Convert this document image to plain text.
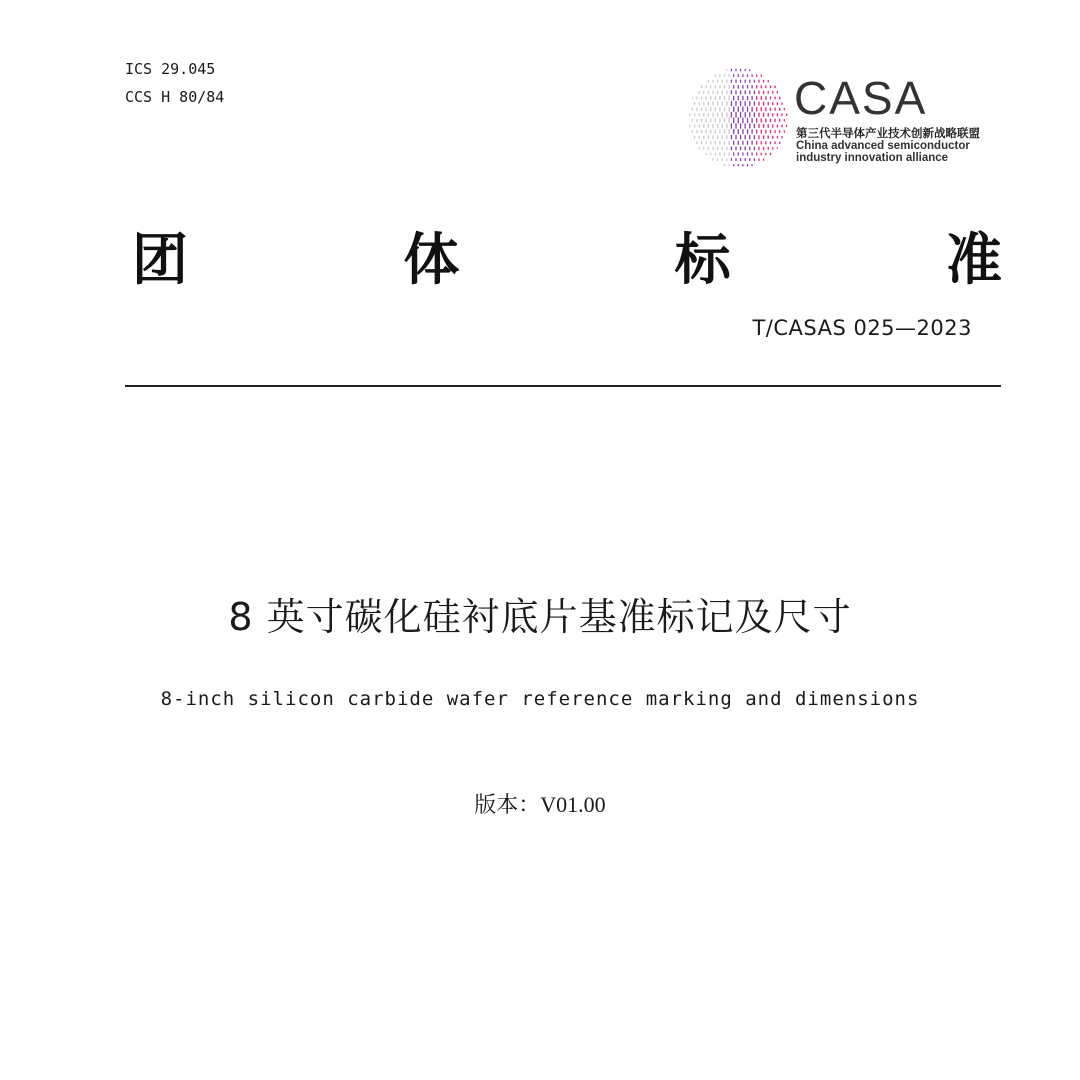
ICS 29.045
CCS H 80/84	CASA
第三代半导体产业技术创新战略联盟
China advanced semiconductor industry innovation alliance
团	体	标	准
T/CASAS 025—2023
8 英寸碳化硅衬底片基准标记及尺寸
8-inch silicon carbide wafer reference marking and dimensions
版本：V01.00
